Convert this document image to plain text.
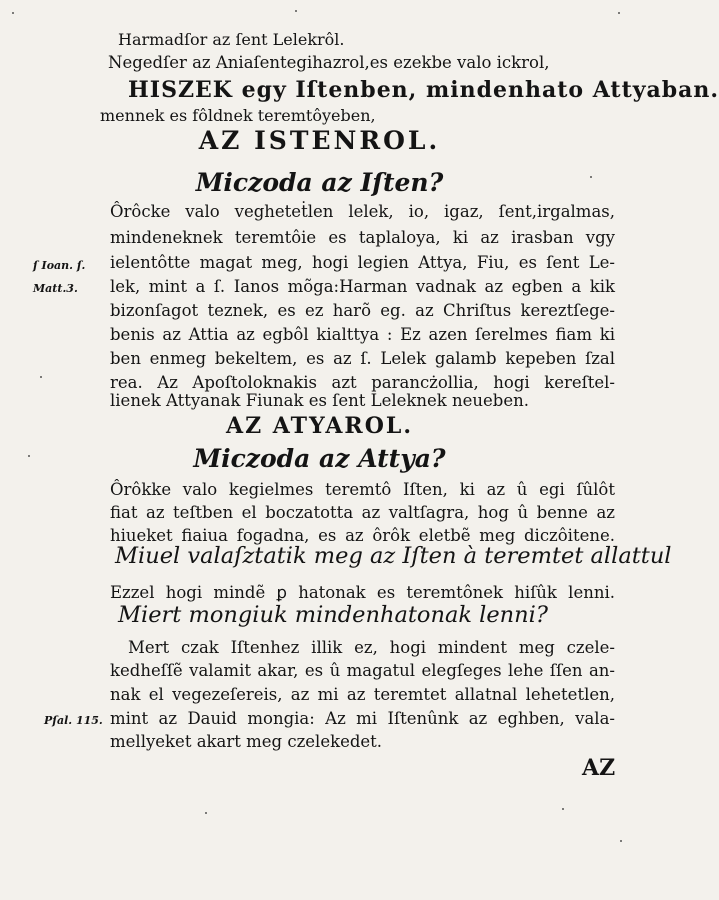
Harmadſor az ſent Lelekrôl.
Negedſer az Aniaſentegihazrol,es ezekbe valo ickrol,
HISZEK egy Iſtenben, mindenhato Attyaban.
mennek es fôldnek teremtôyeben,
AZ ISTENROL.
Miczoda az Iſten?
Ôrôcke valo vegheteṫlen lelek, io, igaz, ſent,irgalmas,
mindeneknek teremtôie es taplaloya, ki az irasban vgy
ielentôtte magat meg, hogi legien Attya, Fiu, es ſent Le-
lek, mint a ſ. Ianos mõga:Harman vadnak az egben a kik
bizonſagot teznek, es ez harõ eg. az Chriſtus kereztſege-
benis az Attia az egbôl kialttya : Ez azen ſerelmes fiam ki
ben enmeg bekeltem, es az ſ. Lelek galamb kepeben ſzal
rea. Az Apoſtoloknakis azt parancżollia, hogi kereſtel-
lienek Attyanak Fiunak es ſent Leleknek neueben.
ſ Ioan. ſ.
Matt.3.
AZ ATYAROL.
Miczoda az Attya?
Ôrôkke valo kegielmes teremtô Iſten, ki az û egi ſûlôt
fiat az teſtben el boczatotta az valtſagra, hog û benne az
hiueket fiaiua fogadna, es az ôrôk eletbẽ meg diczôitene.
Miuel valaſztatik meg az Iſten à teremtet allattul
Ezzel hogi mindẽ ꝑ hatonak es teremtônek hiſûk lenni.
Miert mongiuk mindenhatonak lenni?
Mert czak Iſtenhez illik ez, hogi mindent meg czele-
kedheſſẽ valamit akar, es û magatul elegſeges lehe ſſen an-
nak el vegezeſereis, az mi az teremtet allatnal lehetetlen,
mint az Dauid mongia: Az mi Iſtenûnk az eghben, vala-
mellyeket akart meg czelekedet.
Pſal. 115.
AZ
